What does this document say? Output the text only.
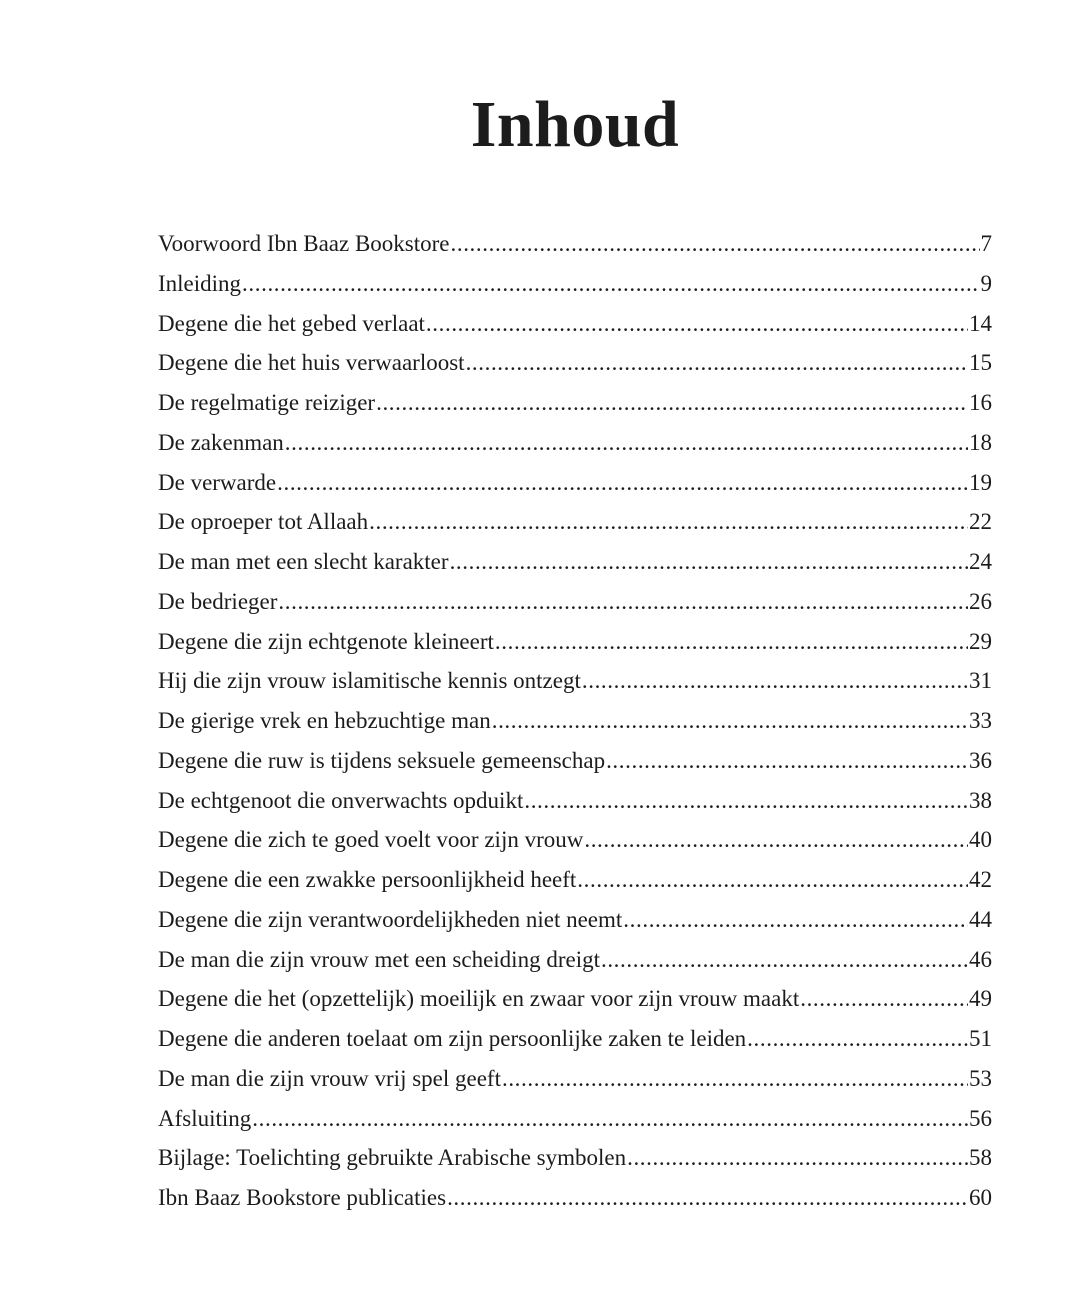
Inhoud
Voorwoord Ibn Baaz Bookstore .....	7
Inleiding .....	9
Degene die het gebed verlaat .....	14
Degene die het huis verwaarloost .....	15
De regelmatige reiziger .....	16
De zakenman .....	18
De verwarde .....	19
De oproeper tot Allaah .....	22
De man met een slecht karakter .....	24
De bedrieger .....	26
Degene die zijn echtgenote kleineert .....	29
Hij die zijn vrouw islamitische kennis ontzegt .....	31
De gierige vrek en hebzuchtige man .....	33
Degene die ruw is tijdens seksuele gemeenschap .....	36
De echtgenoot die onverwachts opduikt .....	38
Degene die zich te goed voelt voor zijn vrouw .....	40
Degene die een zwakke persoonlijkheid heeft .....	42
Degene die zijn verantwoordelijkheden niet neemt .....	44
De man die zijn vrouw met een scheiding dreigt .....	46
Degene die het (opzettelijk) moeilijk en zwaar voor zijn vrouw maakt .....	49
Degene die anderen toelaat om zijn persoonlijke zaken te leiden .....	51
De man die zijn vrouw vrij spel geeft .....	53
Afsluiting .....	56
Bijlage: Toelichting gebruikte Arabische symbolen .....	58
Ibn Baaz Bookstore publicaties .....	60
